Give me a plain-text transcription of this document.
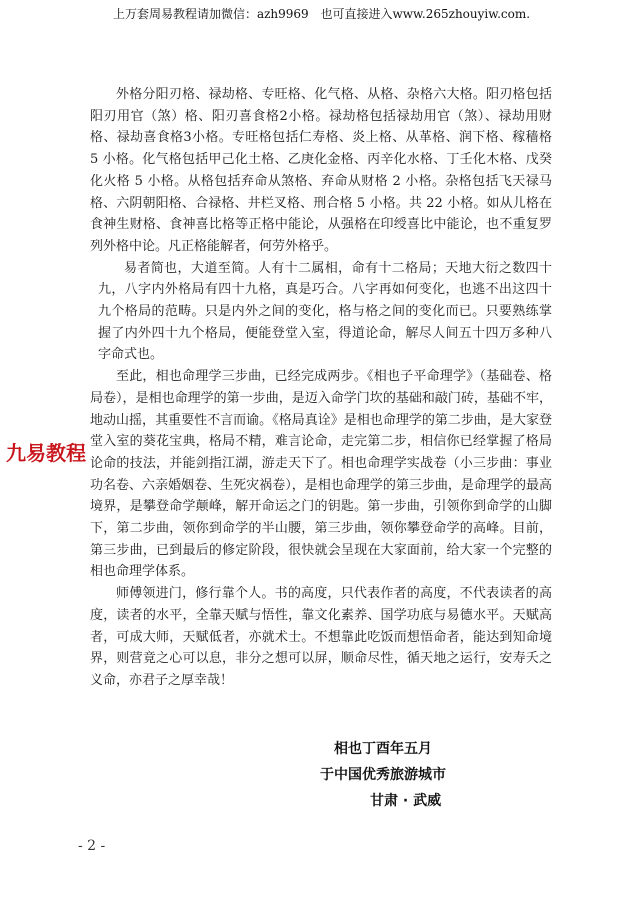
上万套周易教程请加微信：azh9969 也可直接进入www.265zhouyiw.com.

外格分阳刃格、禄劫格、专旺格、化气格、从格、杂格六大格。阳刃格包括阳刃用官（煞）格、阳刃喜食格2小格。禄劫格包括禄劫用官（煞）、禄劫用财格、禄劫喜食格3小格。专旺格包括仁寿格、炎上格、从革格、润下格、稼穑格 5 小格。化气格包括甲己化土格、乙庚化金格、丙辛化水格、丁壬化木格、戊癸化火格 5 小格。从格包括弃命从煞格、弃命从财格 2 小格。杂格包括飞天禄马格、六阴朝阳格、合禄格、井栏叉格、刑合格 5 小格。共 22 小格。如从儿格在食神生财格、食神喜比格等正格中能论，从强格在印绶喜比中能论，也不重复罗列外格中论。凡正格能解者，何劳外格乎。

易者简也，大道至简。人有十二属相，命有十二格局；天地大衍之数四十九，八字内外格局有四十九格，真是巧合。八字再如何变化，也逃不出这四十九个格局的范畴。只是内外之间的变化，格与格之间的变化而已。只要熟练掌握了内外四十九个格局，便能登堂入室，得道论命，解尽人间五十四万多种八字命式也。

至此，相也命理学三步曲，已经完成两步。《相也子平命理学》（基础卷、格局卷），是相也命理学的第一步曲，是迈入命学门坎的基础和敲门砖，基础不牢，地动山摇，其重要性不言而谕。《格局真诠》是相也命理学的第二步曲，是大家登堂入室的葵花宝典，格局不精，难言论命，走完第二步，相信你已经掌握了格局论命的技法，并能剑指江湖，游走天下了。相也命理学实战卷（小三步曲：事业功名卷、六亲婚姻卷、生死灾祸卷），是相也命理学的第三步曲，是命理学的最高境界，是攀登命学颠峰，解开命运之门的钥匙。第一步曲，引领你到命学的山脚下，第二步曲，领你到命学的半山腰，第三步曲，领你攀登命学的高峰。目前，第三步曲，已到最后的修定阶段，很快就会呈现在大家面前，给大家一个完整的相也命理学体系。

师傅领进门，修行靠个人。书的高度，只代表作者的高度，不代表读者的高度，读者的水平，全靠天赋与悟性，靠文化素养、国学功底与易德水平。天赋高者，可成大师，天赋低者，亦就术士。不想靠此吃饭而想悟命者，能达到知命境界，则营竟之心可以息，非分之想可以屏，顺命尽性，循天地之运行，安寿夭之义命，亦君子之厚幸哉！

九易教程
相也丁酉年五月
于中国优秀旅游城市
甘肃 · 武威
- 2 -
